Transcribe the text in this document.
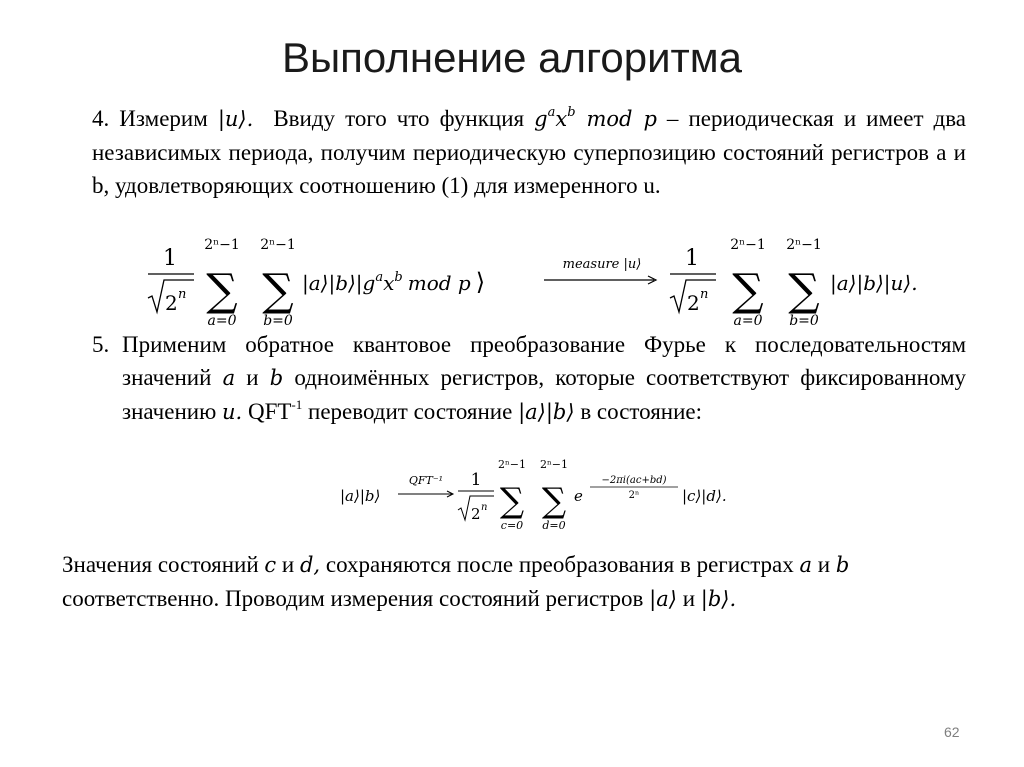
Выполнение алгоритма
4. Измерим |u⟩. Ввиду того что функция $g^ax^b$ mod p – периодическая и имеет два независимых периода, получим периодическую суперпозицию состояний регистров a и b, удовлетворяющих соотношению (1) для измеренного u.
1
2 n
2ⁿ−1
∑
a=0
2ⁿ−1
∑
b=0
$|a⟩|b⟩|g^ax^b$ mod p ⟩
measure |u⟩ 1
2 n
2ⁿ−1
∑
a=0
2ⁿ−1
∑
b=0
|a⟩|b⟩|u⟩.
5. Применим обратное квантовое преобразование Фурье к последовательностям значений a и b одноимённых регистров, которые соответствуют фиксированному значению u. $QFT^{-1}$ переводит состояние |a⟩|b⟩ в состояние:
|a⟩|b⟩
QFT⁻¹ 1
2 n
2ⁿ−1
∑
c=0
2ⁿ−1
∑
d=0
e
−2πi(ac+bd)
2ⁿ	|c⟩|d⟩.
Значения состояний c и d, сохраняются после преобразования в регистрах a и b соответственно. Проводим измерения состояний регистров |a⟩ и |b⟩.
62
